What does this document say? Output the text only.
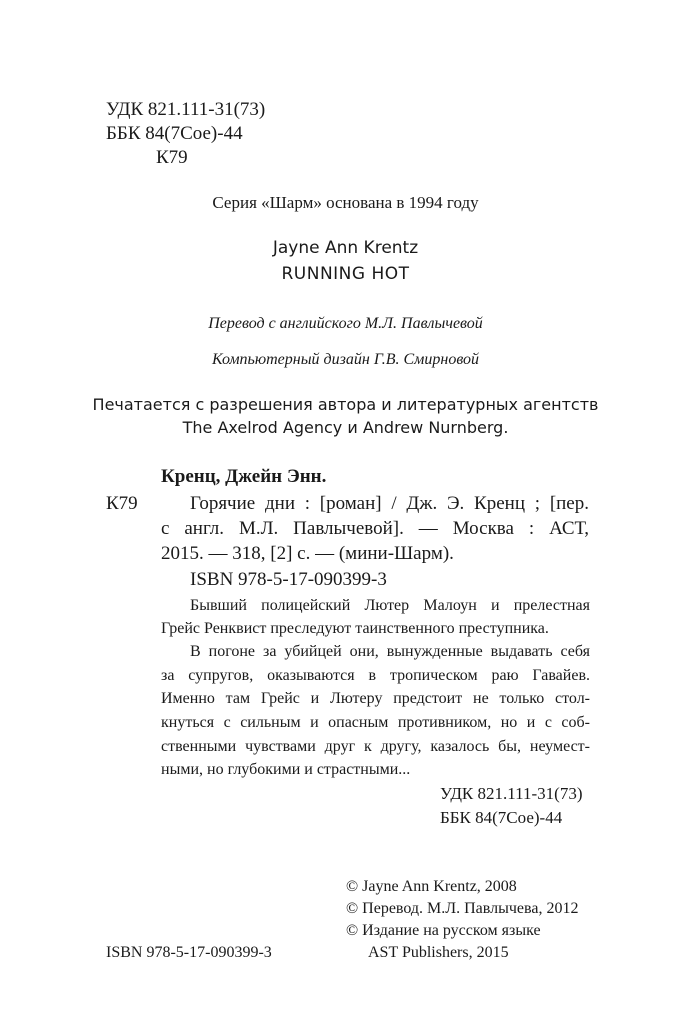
УДК 821.111-31(73)
ББК 84(7Сое)-44
К79
Серия «Шарм» основана в 1994 году
Jayne Ann Krentz
RUNNING HOT
Перевод с английского М.Л. Павлычевой
Компьютерный дизайн Г.В. Смирновой
Печатается с разрешения автора и литературных агентств
The Axelrod Agency и Andrew Nurnberg.
Кренц, Джейн Энн.
К79	Горячие дни : [роман] / Дж. Э. Кренц ; [пер.
с англ. М.Л. Павлычевой]. — Москва : АСТ,
2015. — 318, [2] с. — (мини-Шарм).
ISBN 978-5-17-090399-3
Бывший полицейский Лютер Малоун и прелестная
Грейс Ренквист преследуют таинственного преступника.
В погоне за убийцей они, вынужденные выдавать себя
за супругов, оказываются в тропическом раю Гавайев.
Именно там Грейс и Лютеру предстоит не только стол-
кнуться с сильным и опасным противником, но и с соб-
ственными чувствами друг к другу, казалось бы, неумест-
ными, но глубокими и страстными...
УДК 821.111-31(73)
ББК 84(7Сое)-44
© Jayne Ann Krentz, 2008
© Перевод. М.Л. Павлычева, 2012
© Издание на русском языке
AST Publishers, 2015
ISBN 978-5-17-090399-3
